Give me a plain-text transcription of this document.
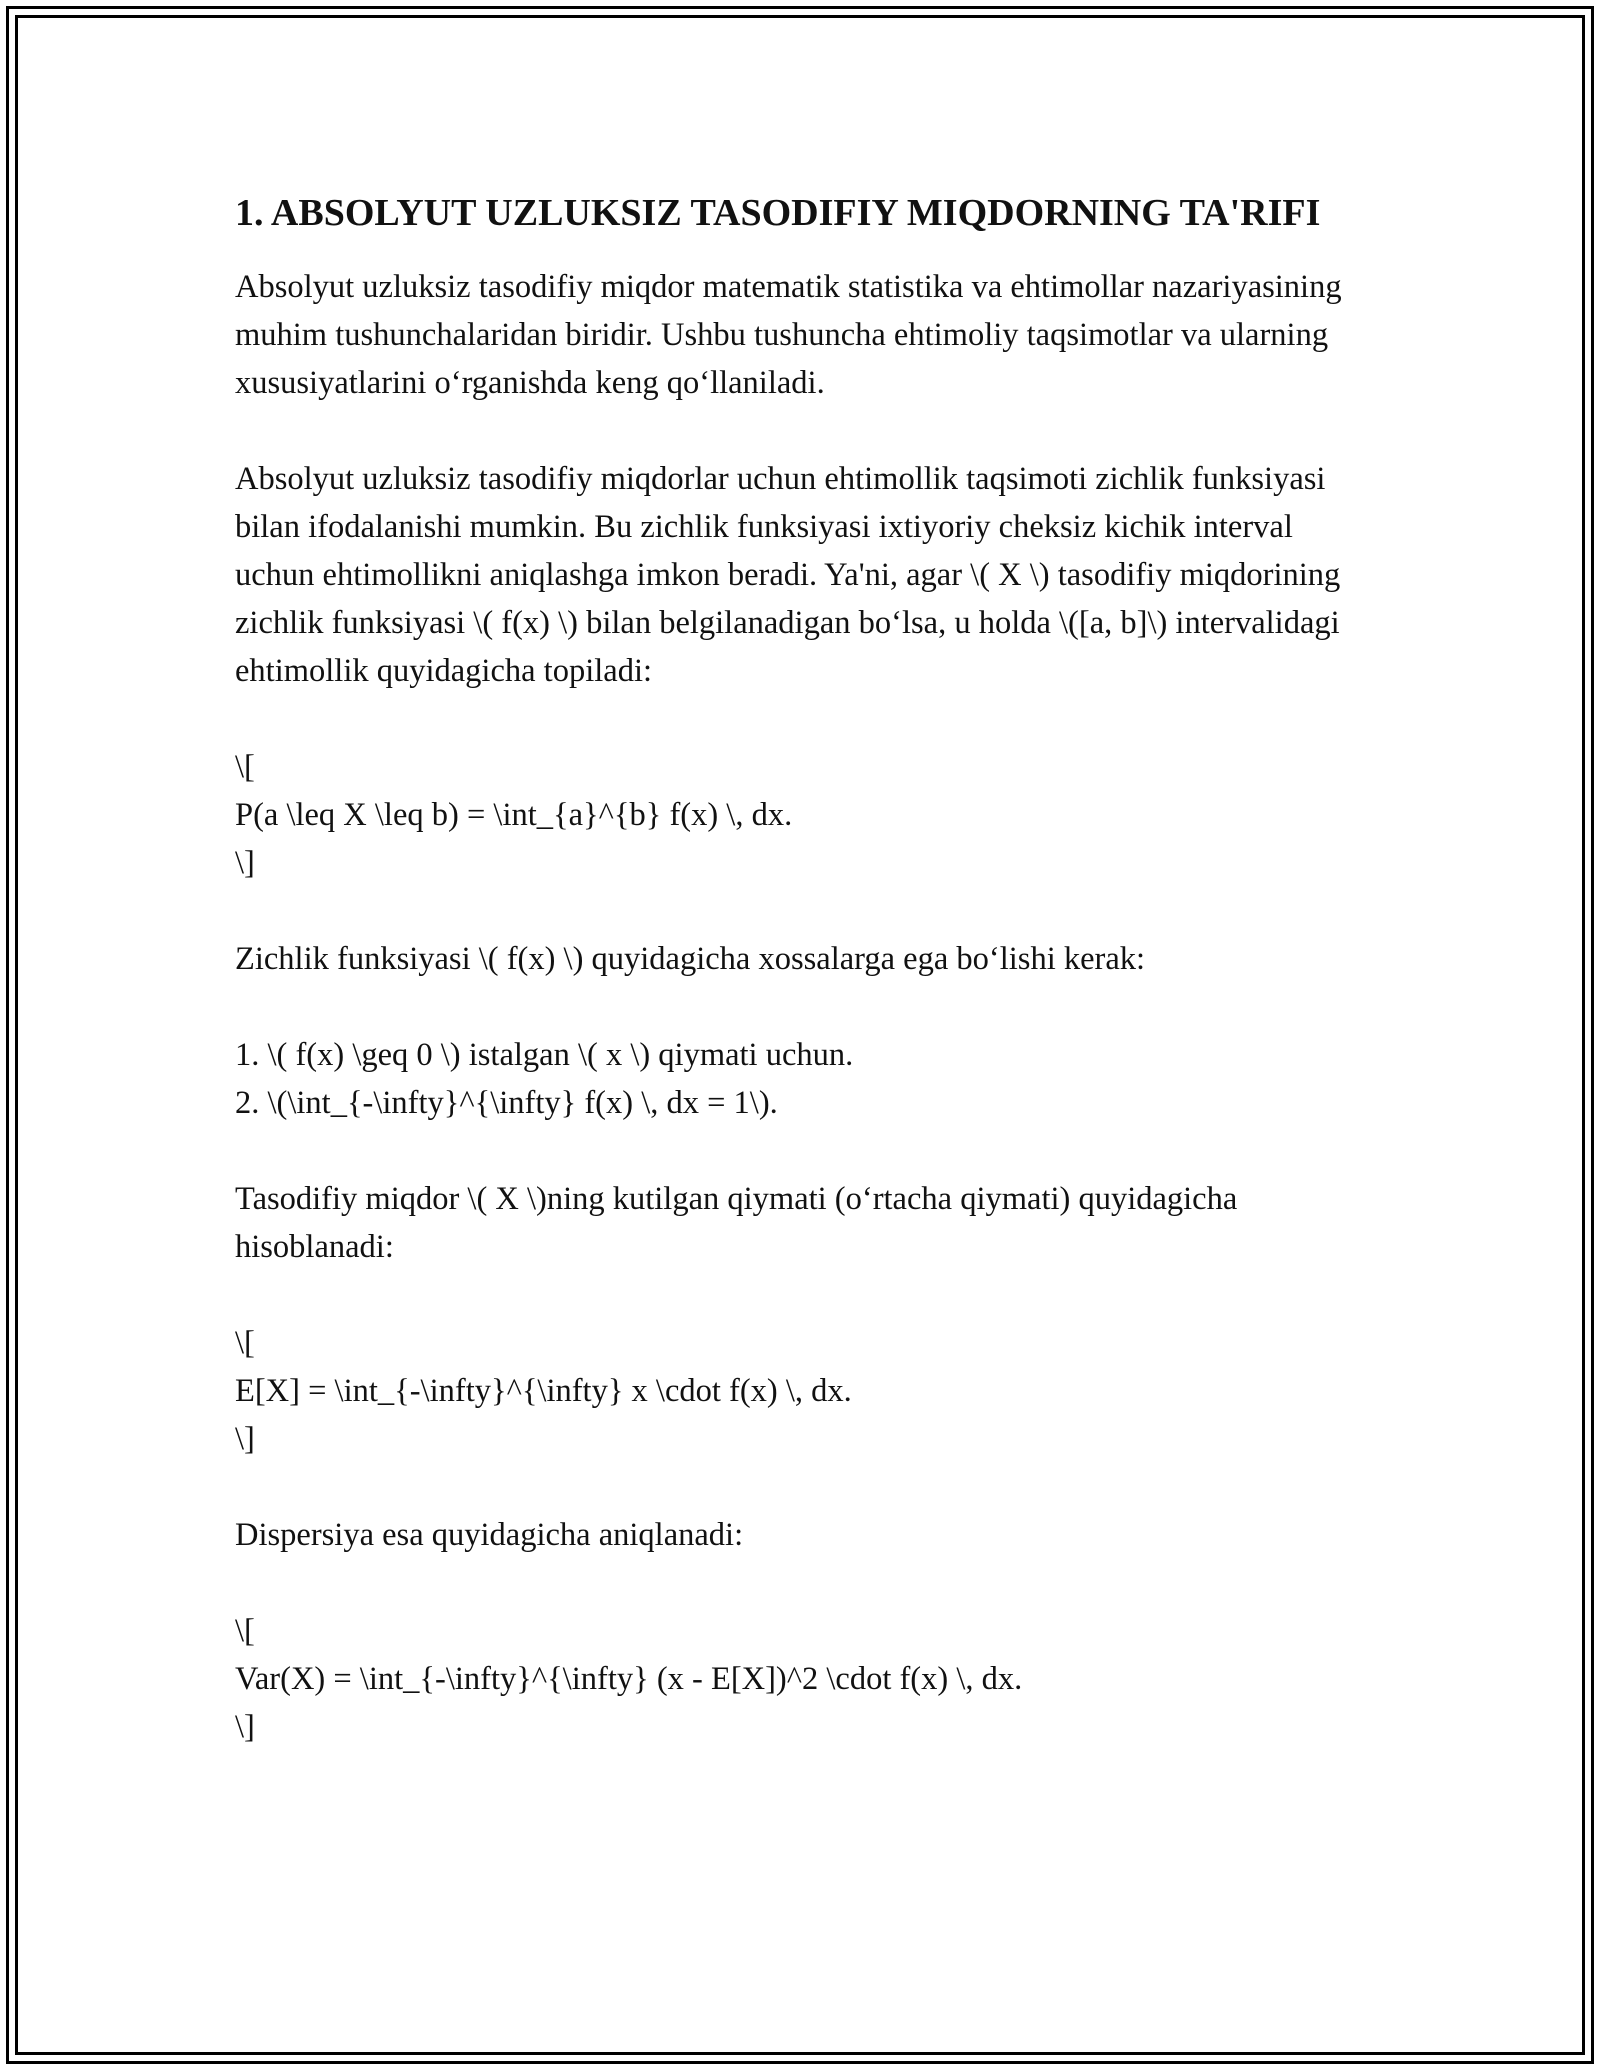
1. ABSOLYUT UZLUKSIZ TASODIFIY MIQDORNING TA'RIFI

Absolyut uzluksiz tasodifiy miqdor matematik statistika va ehtimollar nazariyasining muhim tushunchalaridan biridir. Ushbu tushuncha ehtimoliy taqsimotlar va ularning xususiyatlarini o‘rganishda keng qo‘llaniladi.

Absolyut uzluksiz tasodifiy miqdorlar uchun ehtimollik taqsimoti zichlik funksiyasi bilan ifodalanishi mumkin. Bu zichlik funksiyasi ixtiyoriy cheksiz kichik interval uchun ehtimollikni aniqlashga imkon beradi. Ya'ni, agar \( X \) tasodifiy miqdorining zichlik funksiyasi \( f(x) \) bilan belgilanadigan bo‘lsa, u holda \([a, b]\) intervalidagi ehtimollik quyidagicha topiladi:

\[
P(a \leq X \leq b) = \int_{a}^{b} f(x) \, dx.
\]

Zichlik funksiyasi \( f(x) \) quyidagicha xossalarga ega bo‘lishi kerak:

1. \( f(x) \geq 0 \) istalgan \( x \) qiymati uchun.
2. \(\int_{-\infty}^{\infty} f(x) \, dx = 1\).

Tasodifiy miqdor \( X \)ning kutilgan qiymati (o‘rtacha qiymati) quyidagicha hisoblanadi:

\[
E[X] = \int_{-\infty}^{\infty} x \cdot f(x) \, dx.
\]

Dispersiya esa quyidagicha aniqlanadi:

\[
Var(X) = \int_{-\infty}^{\infty} (x - E[X])^2 \cdot f(x) \, dx.
\]
